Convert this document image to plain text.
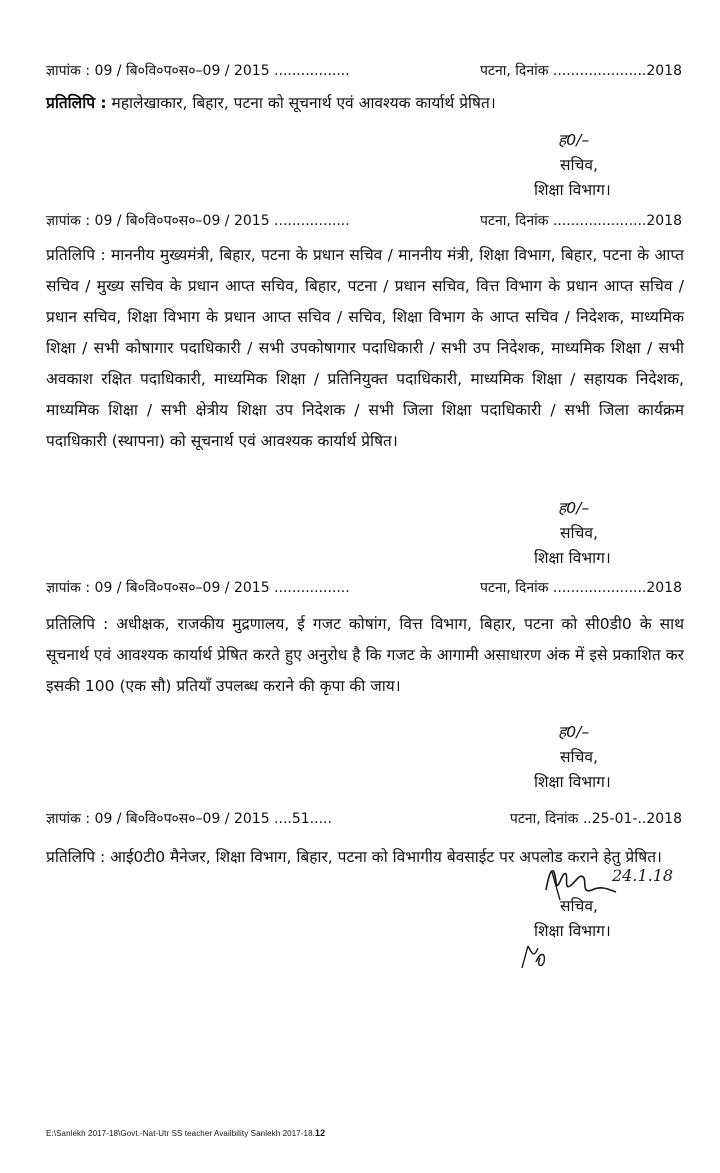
ज्ञापांक : 09 / बि०वि०प०स०–09 / 2015 .................	पटना, दिनांक .....................2018
प्रतिलिपि : महालेखाकार, बिहार, पटना को सूचनार्थ एवं आवश्यक कार्यार्थ प्रेषित।
ह0/–
सचिव,
शिक्षा विभाग।
ज्ञापांक : 09 / बि०वि०प०स०–09 / 2015 .................	पटना, दिनांक .....................2018
प्रतिलिपि : माननीय मुख्यमंत्री, बिहार, पटना के प्रधान सचिव / माननीय मंत्री, शिक्षा विभाग, बिहार, पटना के आप्त सचिव / मुख्य सचिव के प्रधान आप्त सचिव, बिहार, पटना / प्रधान सचिव, वित्त विभाग के प्रधान आप्त सचिव / प्रधान सचिव, शिक्षा विभाग के प्रधान आप्त सचिव / सचिव, शिक्षा विभाग के आप्त सचिव / निदेशक, माध्यमिक शिक्षा / सभी कोषागार पदाधिकारी / सभी उपकोषागार पदाधिकारी / सभी उप निदेशक, माध्यमिक शिक्षा / सभी अवकाश रक्षित पदाधिकारी, माध्यमिक शिक्षा / प्रतिनियुक्त पदाधिकारी, माध्यमिक शिक्षा / सहायक निदेशक, माध्यमिक शिक्षा / सभी क्षेत्रीय शिक्षा उप निदेशक / सभी जिला शिक्षा पदाधिकारी / सभी जिला कार्यक्रम पदाधिकारी (स्थापना) को सूचनार्थ एवं आवश्यक कार्यार्थ प्रेषित।
ह0/–
सचिव,
शिक्षा विभाग।
ज्ञापांक : 09 / बि०वि०प०स०–09 / 2015 .................	पटना, दिनांक .....................2018
प्रतिलिपि : अधीक्षक, राजकीय मुद्रणालय, ई गजट कोषांग, वित्त विभाग, बिहार, पटना को सी0डी0 के साथ सूचनार्थ एवं आवश्यक कार्यार्थ प्रेषित करते हुए अनुरोध है कि गजट के आगामी असाधारण अंक में इसे प्रकाशित कर इसकी 100 (एक सौ) प्रतियाँ उपलब्ध कराने की कृपा की जाय।
ह0/–
सचिव,
शिक्षा विभाग।
ज्ञापांक : 09 / बि०वि०प०स०–09 / 2015 ....51.....	पटना, दिनांक ..25-01-..2018
प्रतिलिपि : आई0टी0 मैनेजर, शिक्षा विभाग, बिहार, पटना को विभागीय बेवसाईट पर अपलोड कराने हेतु प्रेषित।
24.1.18
सचिव,
शिक्षा विभाग।
E:\Sanlekh 2017-18\Govt.-Nat-Utr SS teacher Availbility Sanlekh 2017-18.12
